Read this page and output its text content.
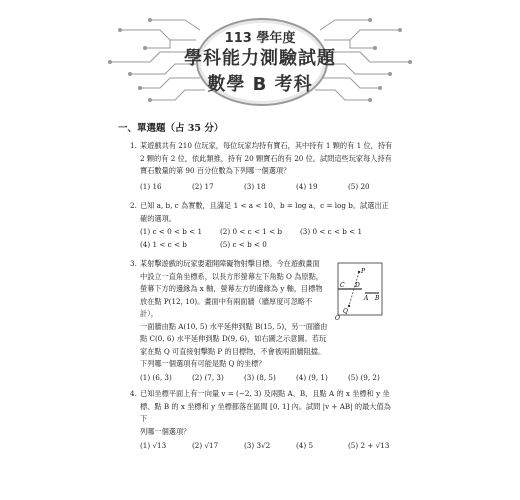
113 學年度
學科能力測驗試題
數學 B 考科
一、單選題（占 35 分）
1. 某遊戲共有 210 位玩家，每位玩家均持有寶石，其中持有 1 顆的有 1 位，持有
2 顆的有 2 位，依此類推，持有 20 顆寶石的有 20 位。試問這些玩家每人持有
寶石數量的第 90 百分位數為下列哪一個選項？
(1) 16	(2) 17	(3) 18	(4) 19	(5) 20
2. 已知 a, b, c 為實數，且滿足 1 < a < 10、b = log a、c = log b。試選出正確的選項。
(1) c < 0 < b < 1 (2) 0 < c < 1 < b (3) 0 < c < b < 1
(4) 1 < c < b	(5) c < b < 0
3. 某射擊遊戲的玩家要避開障礙物射擊目標。今在遊戲畫面
中設立一直角坐標系，以長方形螢幕左下角點 O 為原點，
螢幕下方的邊緣為 x 軸，螢幕左方的邊緣為 y 軸，目標物
放在點 P(12, 10)。畫面中有兩面牆（牆厚度可忽略不計），
一面牆由點 A(10, 5) 水平延伸到點 B(15, 5)，另一面牆由
點 C(0, 6) 水平延伸到點 D(9, 6)，如右圖之示意圖。若玩
家在點 Q 可直接射擊點 P 的目標物，不會被兩面牆阻擋。
下列哪一個選項有可能是點 Q 的坐標？
(1) (6, 3)	(2) (7, 3)	(3) (8, 5)	(4) (9, 1)	(5) (9, 2)
P
C D
A B
O
Q
4. 已知坐標平面上有一向量 v = (−2, 3) 及兩點 A、B，且點 A 的 x 坐標和 y 坐
標、點 B 的 x 坐標和 y 坐標都落在區間 [0, 1] 內。試問 |v + AB| 的最大值為下
列哪一個選項？
(1) √13	(2) √17	(3) 3√2	(4) 5	(5) 2 + √13
